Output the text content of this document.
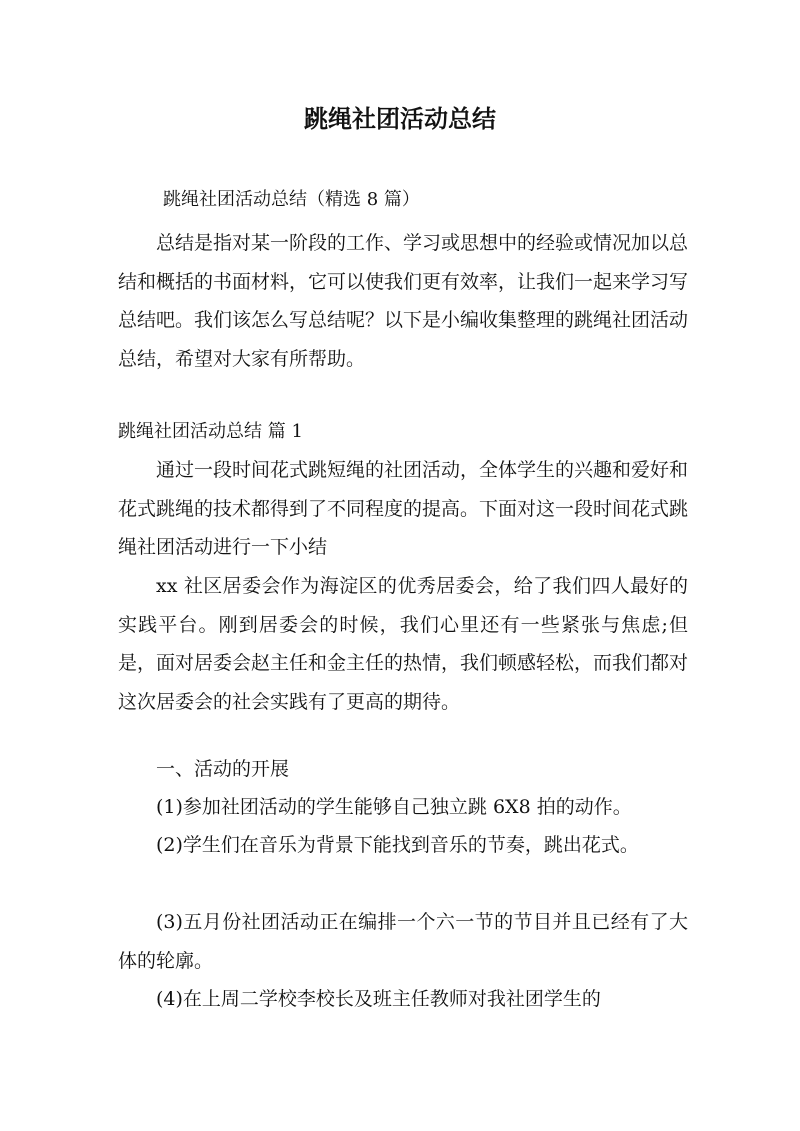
跳绳社团活动总结

跳绳社团活动总结（精选 8 篇）

总结是指对某一阶段的工作、学习或思想中的经验或情况加以总结和概括的书面材料，它可以使我们更有效率，让我们一起来学习写总结吧。我们该怎么写总结呢？以下是小编收集整理的跳绳社团活动总结，希望对大家有所帮助。

跳绳社团活动总结 篇 1

通过一段时间花式跳短绳的社团活动，全体学生的兴趣和爱好和花式跳绳的技术都得到了不同程度的提高。下面对这一段时间花式跳绳社团活动进行一下小结

xx 社区居委会作为海淀区的优秀居委会，给了我们四人最好的实践平台。刚到居委会的时候，我们心里还有一些紧张与焦虑;但是，面对居委会赵主任和金主任的热情，我们顿感轻松，而我们都对这次居委会的社会实践有了更高的期待。

一、活动的开展

(1)参加社团活动的学生能够自己独立跳 6X8 拍的动作。

(2)学生们在音乐为背景下能找到音乐的节奏，跳出花式。

(3)五月份社团活动正在编排一个六一节的节目并且已经有了大体的轮廓。

(4)在上周二学校李校长及班主任教师对我社团学生的
